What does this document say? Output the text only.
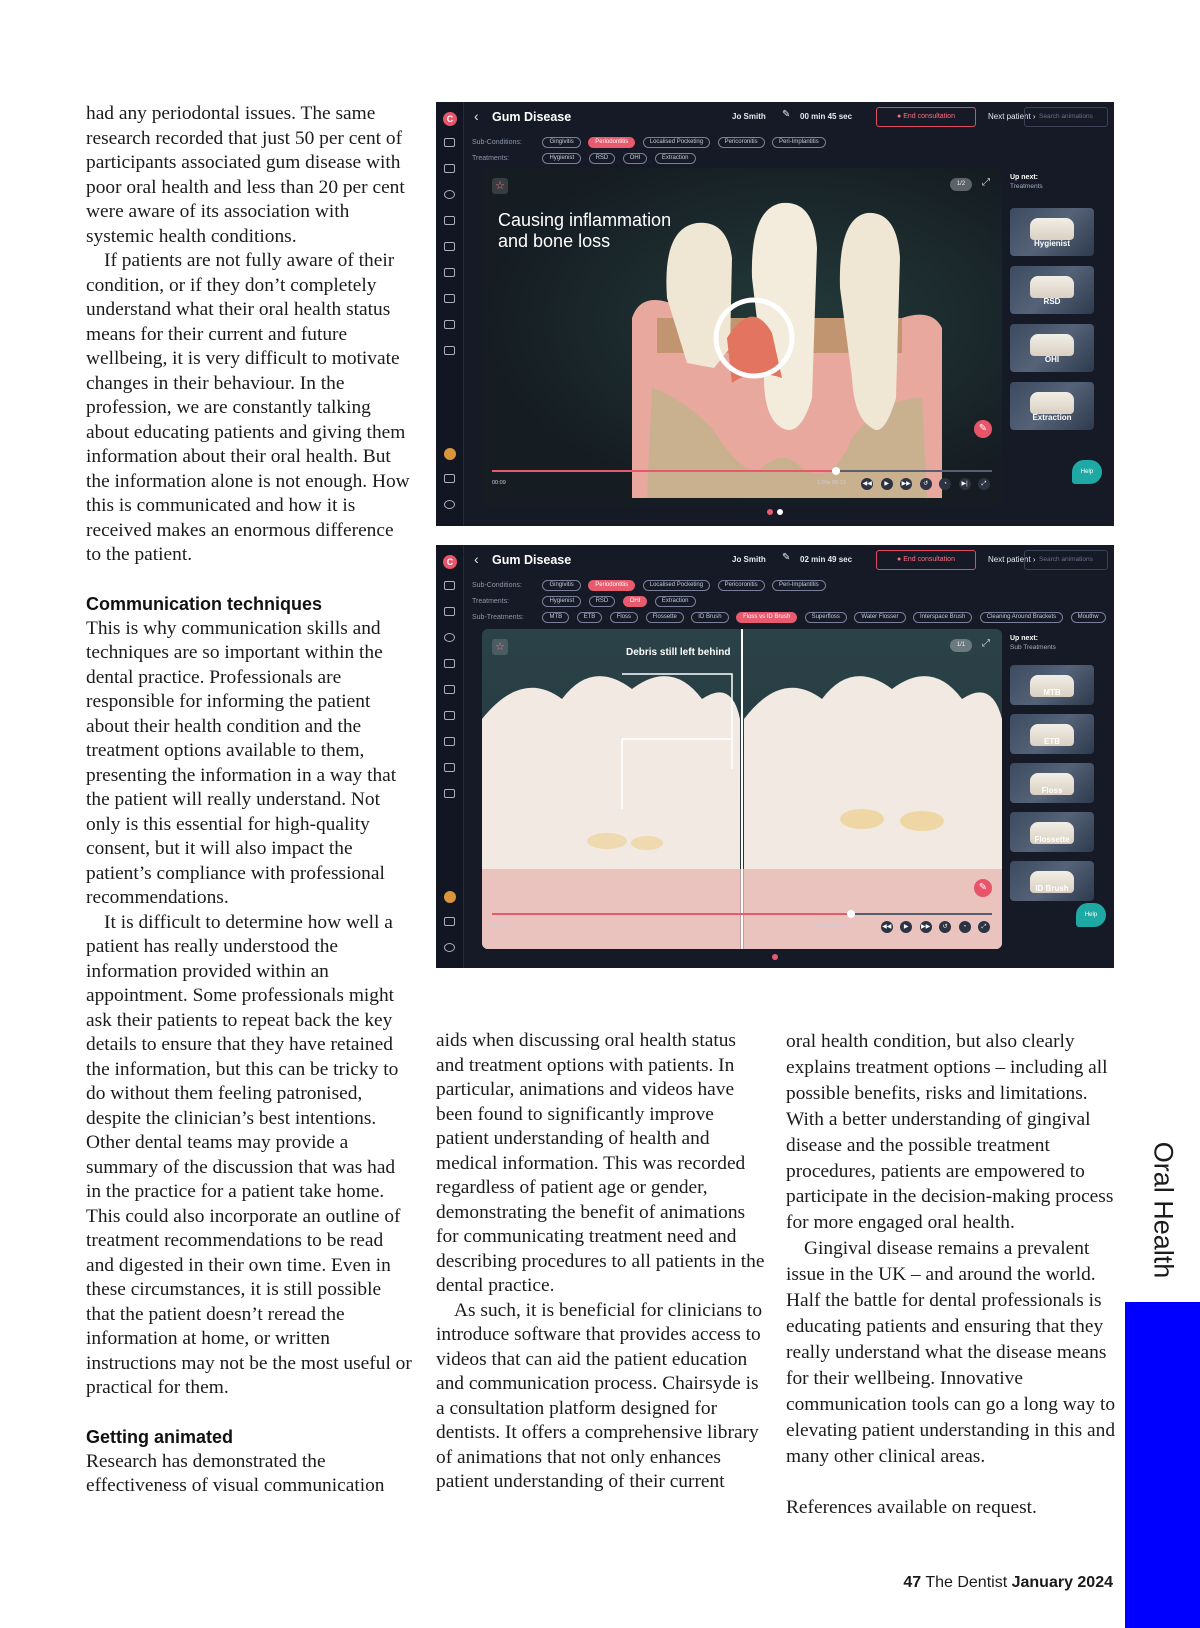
had any periodontal issues. The same research recorded that just 50 per cent of participants associated gum disease with poor oral health and less than 20 per cent were aware of its association with systemic health conditions.

If patients are not fully aware of their condition, or if they don’t completely understand what their oral health status means for their current and future wellbeing, it is very difficult to motivate changes in their behaviour. In the profession, we are constantly talking about educating patients and giving them information about their oral health. But the information alone is not enough. How this is communicated and how it is received makes an enormous difference to the patient.

Communication techniques

This is why communication skills and techniques are so important within the dental practice. Professionals are responsible for informing the patient about their health condition and the treatment options available to them, presenting the information in a way that the patient will really understand. Not only is this essential for high-quality consent, but it will also impact the patient’s compliance with professional recommendations.

It is difficult to determine how well a patient has really understood the information provided within an appointment. Some professionals might ask their patients to repeat back the key details to ensure that they have retained the information, but this can be tricky to do without them feeling patronised, despite the clinician’s best intentions. Other dental teams may provide a summary of the discussion that was had in the practice for a patient take home. This could also incorporate an outline of treatment recommendations to be read and digested in their own time. Even in these circumstances, it is still possible that the patient doesn’t reread the information at home, or written instructions may not be the most useful or practical for them.

Getting animated

Research has demonstrated the effectiveness of visual communication

C ‹ Gum Disease	Jo Smith ✎ 00 min 45 sec	● End consultation	Next patient › Search animations
Sub-Conditions:	Gingivitis	Periodontitis	Localised Pocketing	Pericoronitis	Peri-Implantitis
Treatments:	Hygienist	RSD	OHI	Extraction
Causing inflammation and bone loss
☆	1/2	⤢
✎
00:09	1.00x 00:13	◀◀ ▶ ▶▶ ↺	◔ ▶| ⤢
Up next:
Treatments
Hygienist
RSD
OHI
Extraction
Help
C ‹ Gum Disease	Jo Smith ✎ 02 min 49 sec	● End consultation	Next patient › Search animations
Sub-Conditions:	Gingivitis	Periodontitis	Localised Pocketing	Pericoronitis	Peri-Implantitis
Treatments:	Hygienist	RSD	OHI	Extraction
Sub-Treatments:	MTB	ETB	Floss	Flossette	ID Brush	Floss vs ID Brush	Superfloss	Water Flosser	Interspace Brush	Cleaning Around Brackets	Mouthw
Debris still left behind
☆	1/1	⤢
✎
00:13	1.00x 00:18	◀◀ ▶ ▶▶ ↺	◔	⤢
Up next:
Sub Treatments
MTB
ETB
Floss
Flossette
ID Brush
Help

aids when discussing oral health status and treatment options with patients. In particular, animations and videos have been found to significantly improve patient understanding of health and medical information. This was recorded regardless of patient age or gender, demonstrating the benefit of animations for communicating treatment need and describing procedures to all patients in the dental practice.

As such, it is beneficial for clinicians to introduce software that provides access to videos that can aid the patient education and communication process. Chairsyde is a consultation platform designed for dentists. It offers a comprehensive library of animations that not only enhances patient understanding of their current

oral health condition, but also clearly explains treatment options – including all possible benefits, risks and limitations. With a better understanding of gingival disease and the possible treatment procedures, patients are empowered to participate in the decision-making process for more engaged oral health.

Gingival disease remains a prevalent issue in the UK – and around the world. Half the battle for dental professionals is educating patients and ensuring that they really understand what the disease means for their wellbeing. Innovative communication tools can go a long way to elevating patient understanding in this and many other clinical areas.

References available on request.

Oral Health
47 The Dentist January 2024
